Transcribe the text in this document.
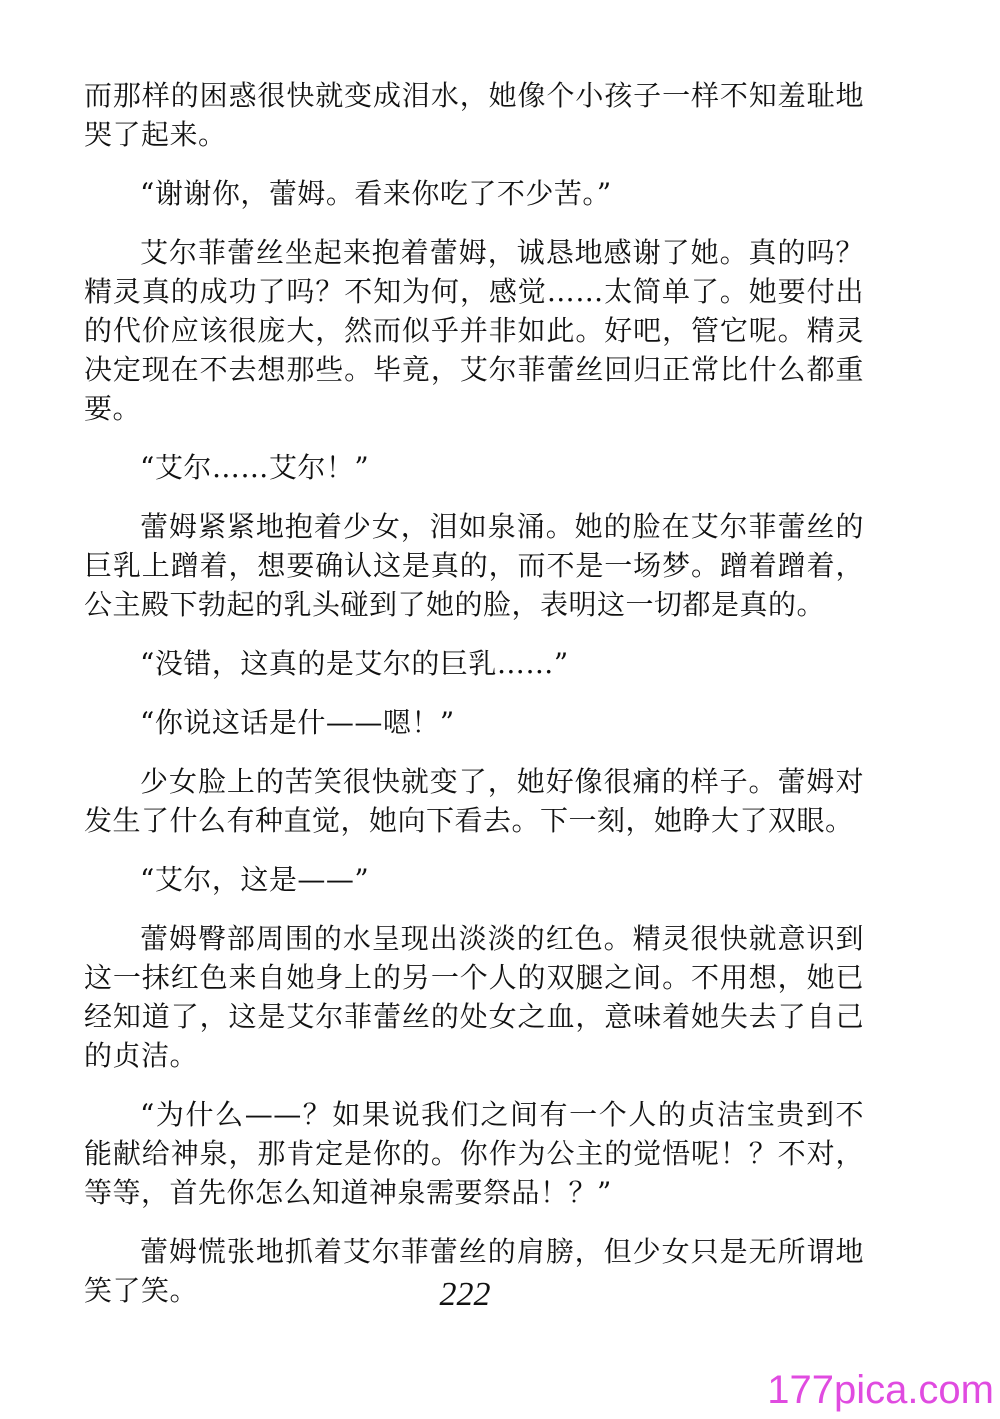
而那样的困惑很快就变成泪水，她像个小孩子一样不知羞耻地哭了起来。

“谢谢你，蕾姆。看来你吃了不少苦。”

艾尔菲蕾丝坐起来抱着蕾姆，诚恳地感谢了她。真的吗？精灵真的成功了吗？不知为何，感觉……太简单了。她要付出的代价应该很庞大，然而似乎并非如此。好吧，管它呢。精灵决定现在不去想那些。毕竟，艾尔菲蕾丝回归正常比什么都重要。

“艾尔……艾尔！”

蕾姆紧紧地抱着少女，泪如泉涌。她的脸在艾尔菲蕾丝的巨乳上蹭着，想要确认这是真的，而不是一场梦。蹭着蹭着，公主殿下勃起的乳头碰到了她的脸，表明这一切都是真的。

“没错，这真的是艾尔的巨乳……”

“你说这话是什——嗯！”

少女脸上的苦笑很快就变了，她好像很痛的样子。蕾姆对发生了什么有种直觉，她向下看去。下一刻，她睁大了双眼。

“艾尔，这是——”

蕾姆臀部周围的水呈现出淡淡的红色。精灵很快就意识到这一抹红色来自她身上的另一个人的双腿之间。不用想，她已经知道了，这是艾尔菲蕾丝的处女之血，意味着她失去了自己的贞洁。

“为什么——？如果说我们之间有一个人的贞洁宝贵到不能献给神泉，那肯定是你的。你作为公主的觉悟呢！？不对，等等，首先你怎么知道神泉需要祭品！？”

蕾姆慌张地抓着艾尔菲蕾丝的肩膀，但少女只是无所谓地笑了笑。	222
177pica.com
